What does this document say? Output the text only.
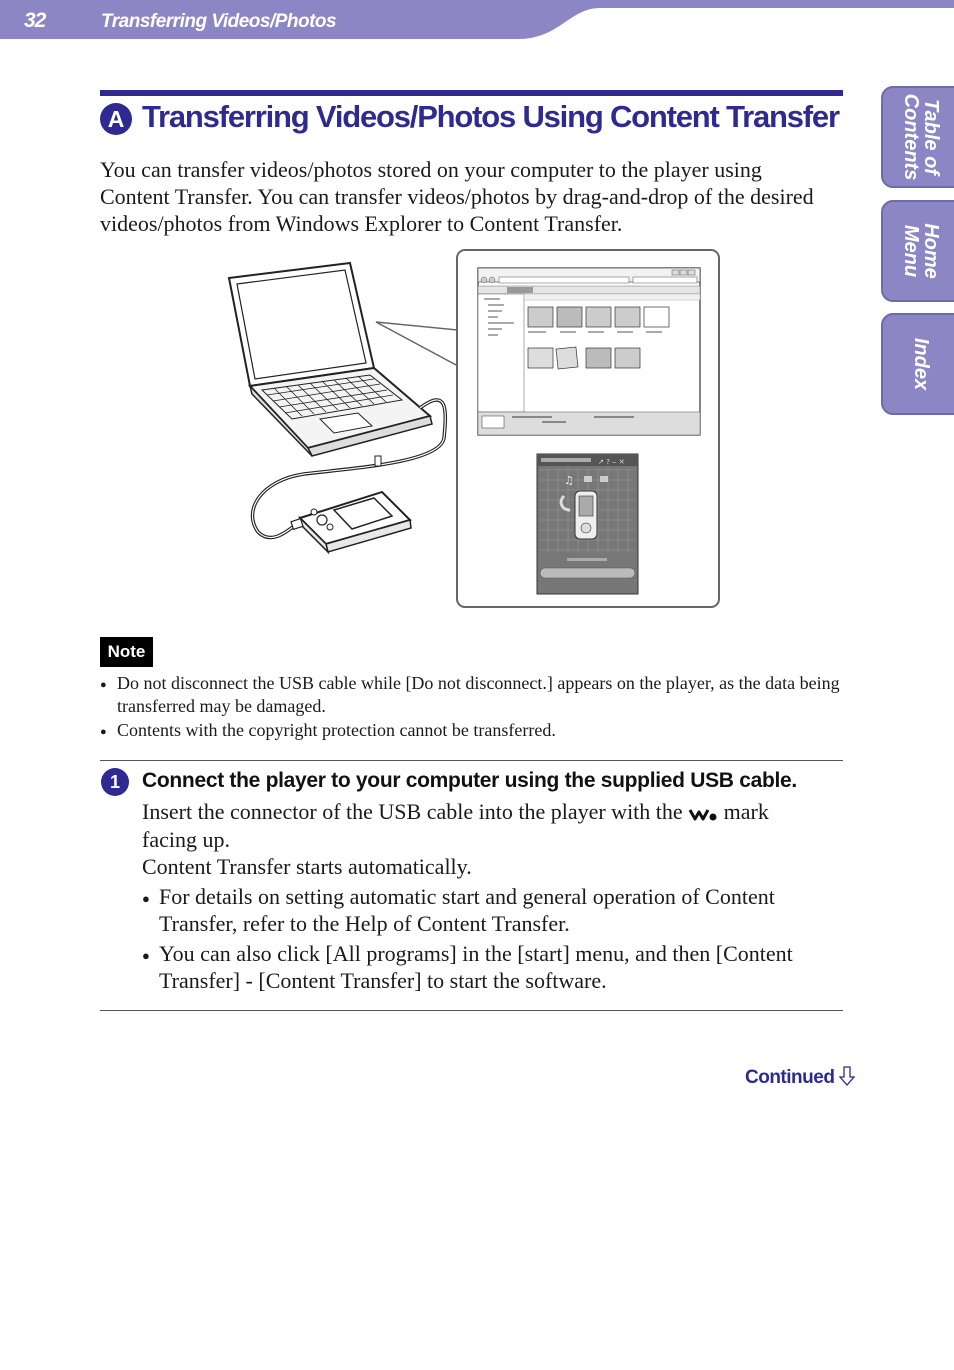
32	Transferring Videos/Photos
Table of
Contents
Home
Menu
Index
A Transferring Videos/Photos Using Content Transfer
You can transfer videos/photos stored on your computer to the player using Content Transfer. You can transfer videos/photos by drag-and-drop of the desired videos/photos from Windows Explorer to Content Transfer.
↗ ? ‒ ✕
♫
Note
● Do not disconnect the USB cable while [Do not disconnect.] appears on the player, as the data being transferred may be damaged.
● Contents with the copyright protection cannot be transferred.
1	Connect the player to your computer using the supplied USB cable.
Insert the connector of the USB cable into the player with the mark
facing up.
Content Transfer starts automatically.
● For details on setting automatic start and general operation of Content Transfer, refer to the Help of Content Transfer.
● You can also click [All programs] in the [start] menu, and then [Content Transfer] - [Content Transfer] to start the software.
Continued
